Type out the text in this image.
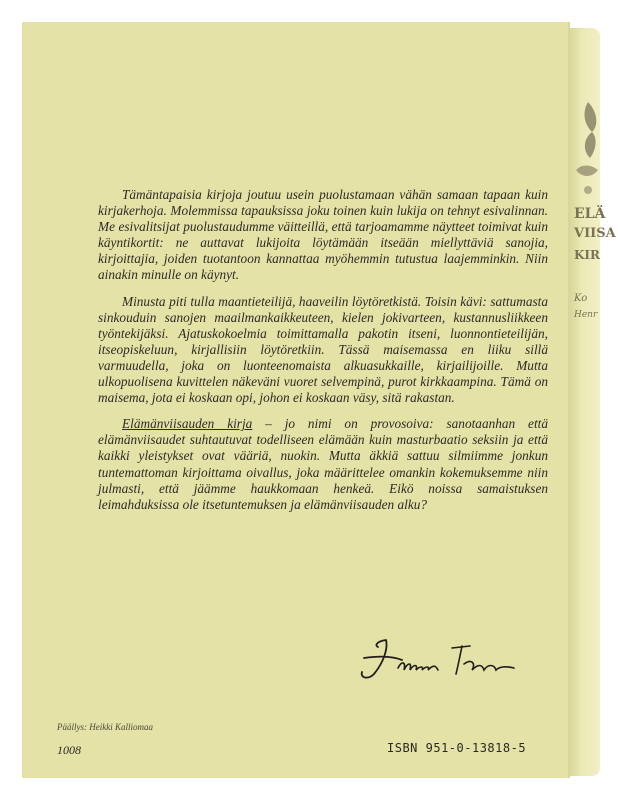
Tämäntapaisia kirjoja joutuu usein puolustamaan vähän samaan tapaan kuin kirjakerhoja. Molemmissa tapauksissa joku toinen kuin lukija on tehnyt esivalinnan. Me esivalitsijat puolustaudumme väitteillä, että tarjoamamme näytteet toimivat kuin käyntikortit: ne auttavat lukijoita löytämään itseään miellyttäviä sanojia, kirjoittajia, joiden tuotantoon kannattaa myöhemmin tutustua laajemminkin. Niin ainakin minulle on käynyt.

Minusta piti tulla maantieteilijä, haaveilin löytöretkistä. Toisin kävi: sattumasta sinkouduin sanojen maailmankaikkeuteen, kielen jokivarteen, kustannusliikkeen työntekijäksi. Ajatuskokoelmia toimittamalla pakotin itseni, luonnontieteilijän, itseopiskeluun, kirjallisiin löytöretkiin. Tässä maisemassa en liiku sillä varmuudella, joka on luonteenomaista alkuasukkaille, kirjailijoille. Mutta ulkopuolisena kuvittelen näkeväni vuoret selvempinä, purot kirkkaampina. Tämä on maisema, jota ei koskaan opi, johon ei koskaan väsy, sitä rakastan.

Elämänviisauden kirja – jo nimi on provosoiva: sanotaanhan että elämänviisaudet suhtautuvat todelliseen elämään kuin masturbaatio seksiin ja että kaikki yleistykset ovat vääriä, nuokin. Mutta äkkiä sattuu silmiimme jonkun tuntemattoman kirjoittama oivallus, joka määrittelee omankin kokemuksemme niin julmasti, että jäämme haukkomaan henkeä. Eikö noissa samaistuksen leimahduksissa ole itsetuntemuksen ja elämänviisauden alku?

Päällys: Heikki Kalliomaa
1008	ISBN 951-0-13818-5
ELÄ
VIISA
KIR
Ko
Henr
